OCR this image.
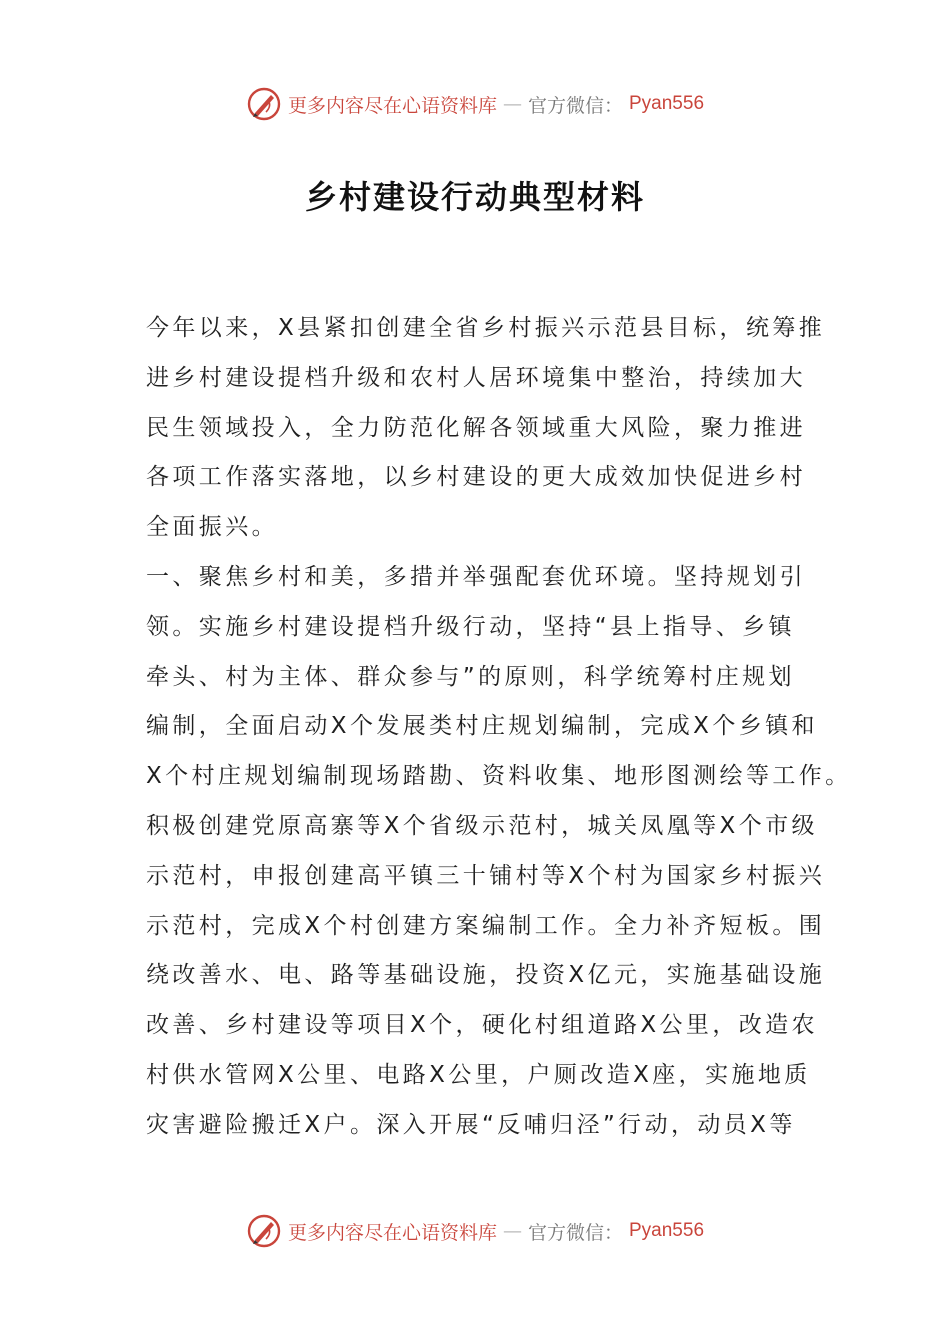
更多内容尽在心语资料库 — 官方微信： Pyan556
乡村建设行动典型材料
今年以来，X县紧扣创建全省乡村振兴示范县目标，统筹推
进乡村建设提档升级和农村人居环境集中整治，持续加大
民生领域投入，全力防范化解各领域重大风险，聚力推进
各项工作落实落地，以乡村建设的更大成效加快促进乡村
全面振兴。
一、聚焦乡村和美，多措并举强配套优环境。坚持规划引
领。实施乡村建设提档升级行动，坚持“县上指导、乡镇
牵头、村为主体、群众参与”的原则，科学统筹村庄规划
编制，全面启动X个发展类村庄规划编制，完成X个乡镇和
X个村庄规划编制现场踏勘、资料收集、地形图测绘等工作。
积极创建党原高寨等X个省级示范村，城关凤凰等X个市级
示范村，申报创建高平镇三十铺村等X个村为国家乡村振兴
示范村，完成X个村创建方案编制工作。全力补齐短板。围
绕改善水、电、路等基础设施，投资X亿元，实施基础设施
改善、乡村建设等项目X个，硬化村组道路X公里，改造农
村供水管网X公里、电路X公里，户厕改造X座，实施地质
灾害避险搬迁X户。深入开展“反哺归泾”行动，动员X等
更多内容尽在心语资料库 — 官方微信： Pyan556
